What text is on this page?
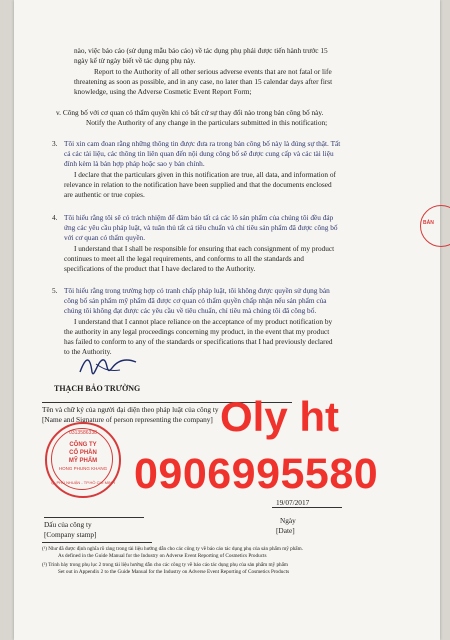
nào, việc báo cáo (sử dụng mẫu báo cáo) về tác dụng phụ phải được tiến hành trước 15
ngày kể từ ngày biết về tác dụng phụ này.
Report to the Authority of all other serious adverse events that are not fatal or life
threatening as soon as possible, and in any case, no later than 15 calendar days after first
knowledge, using the Adverse Cosmetic Event Report Form;
v. Công bố với cơ quan có thẩm quyền khi có bất cứ sự thay đổi nào trong bản công bố này.
Notify the Authority of any change in the particulars submitted in this notification;
3. Tôi xin cam đoan rằng những thông tin được đưa ra trong bản công bố này là đúng sự thật. Tất
cả các tài liệu, các thông tin liên quan đến nội dung công bố sẽ được cung cấp và các tài liệu
đính kèm là bản hợp pháp hoặc sao y bản chính.
I declare that the particulars given in this notification are true, all data, and information of
relevance in relation to the notification have been supplied and that the documents enclosed
are authentic or true copies.
4. Tôi hiểu rằng tôi sẽ có trách nhiệm để đảm bảo tất cả các lô sản phẩm của chúng tôi đều đáp
ứng các yêu cầu pháp luật, và tuân thủ tất cả tiêu chuẩn và chỉ tiêu sản phẩm đã được công bố
với cơ quan có thẩm quyền.
I understand that I shall be responsible for ensuring that each consignment of my product
continues to meet all the legal requirements, and conforms to all the standards and
specifications of the product that I have declared to the Authority.
5. Tôi hiểu rằng trong trường hợp có tranh chấp pháp luật, tôi không được quyền sử dụng bản
công bố sản phẩm mỹ phẩm đã được cơ quan có thẩm quyền chấp nhận nếu sản phẩm của
chúng tôi không đạt được các yêu cầu về tiêu chuẩn, chỉ tiêu mà chúng tôi đã công bố.
I understand that I cannot place reliance on the acceptance of my product notification by
the authority in any legal proceedings concerning my product, in the event that my product
has failed to conform to any of the standards or specifications that I had previously declared
to the Authority.
THẠCH BẢO TRƯỜNG
Tên và chữ ký của người đại diện theo pháp luật của công ty
[Name and Signature of person representing the company]
0313586338
CÔNG TY
CỔ PHẦN
MỸ PHẨM
HONG PHUNG KHANG
Q. PHÚ NHUẬN - TP.HỒ CHÍ MINH
Dấu của công ty
[Company stamp]
19/07/2017
Ngày
[Date]
(¹) Như đã được định nghĩa rõ ràng trong tài liệu hướng dẫn cho các công ty về báo cáo tác dụng phụ của sản phẩm mỹ phẩm.
As defined in the Guide Manual for the Industry on Adverse Event Reporting of Cosmetics Products
(²) Trình bày trong phụ lục 2 trong tài liệu hướng dẫn cho các công ty về báo cáo tác dụng phụ của sản phẩm mỹ phẩm
Set out in Appendix 2 to the Guide Manual for the Industry on Adverse Event Reporting of Cosmetics Products
BẢN
Oly ht
0906995580
